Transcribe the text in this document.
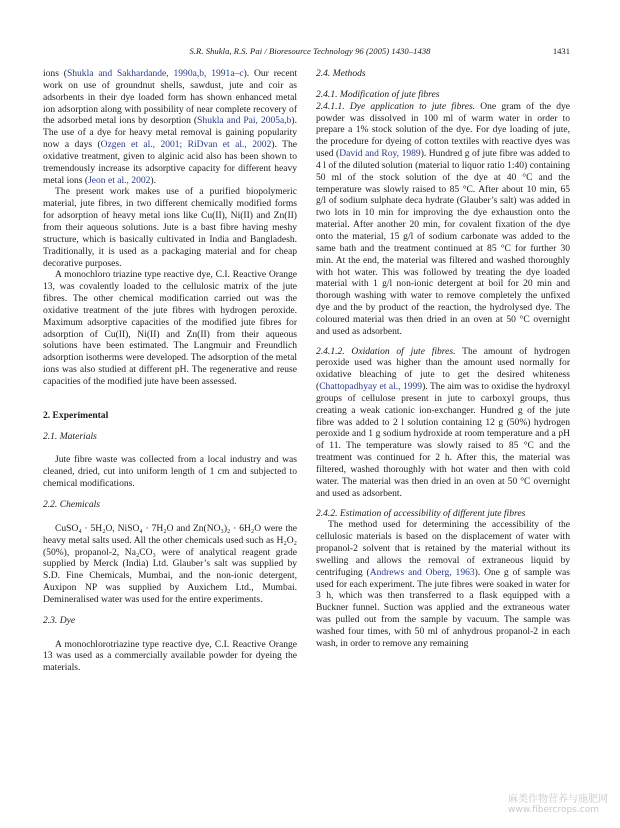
S.R. Shukla, R.S. Pai / Bioresource Technology 96 (2005) 1430–1438	1431

ions (Shukla and Sakhardande, 1990a,b, 1991a–c). Our recent work on use of groundnut shells, sawdust, jute and coir as adsorbents in their dye loaded form has shown enhanced metal ion adsorption along with possibility of near complete recovery of the adsorbed metal ions by desorption (Shukla and Pai, 2005a,b). The use of a dye for heavy metal removal is gaining popularity now a days (Ozgen et al., 2001; RiDvan et al., 2002). The oxidative treatment, given to alginic acid also has been shown to tremendously increase its adsorptive capacity for different heavy metal ions (Jeon et al., 2002).

The present work makes use of a purified biopolymeric material, jute fibres, in two different chemically modified forms for adsorption of heavy metal ions like Cu(II), Ni(II) and Zn(II) from their aqueous solutions. Jute is a bast fibre having meshy structure, which is basically cultivated in India and Bangladesh. Traditionally, it is used as a packaging material and for cheap decorative purposes.

A monochloro triazine type reactive dye, C.I. Reactive Orange 13, was covalently loaded to the cellulosic matrix of the jute fibres. The other chemical modification carried out was the oxidative treatment of the jute fibres with hydrogen peroxide. Maximum adsorptive capacities of the modified jute fibres for adsorption of Cu(II), Ni(II) and Zn(II) from their aqueous solutions have been estimated. The Langmuir and Freundlich adsorption isotherms were developed. The adsorption of the metal ions was also studied at different pH. The regenerative and reuse capacities of the modified jute have been assessed.

2. Experimental
2.1. Materials

Jute fibre waste was collected from a local industry and was cleaned, dried, cut into uniform length of 1 cm and subjected to chemical modifications.

2.2. Chemicals

CuSO₄ · 5H₂O, NiSO₄ · 7H₂O and Zn(NO₃)₂ · 6H₂O were the heavy metal salts used. All the other chemicals used such as H₂O₂ (50%), propanol-2, Na₂CO₃ were of analytical reagent grade supplied by Merck (India) Ltd. Glauber’s salt was supplied by S.D. Fine Chemicals, Mumbai, and the non-ionic detergent, Auxipon NP was supplied by Auxichem Ltd., Mumbai. Demineralised water was used for the entire experiments.

2.3. Dye

A monochlorotriazine type reactive dye, C.I. Reactive Orange 13 was used as a commercially available powder for dyeing the materials.

2.4. Methods
2.4.1. Modification of jute fibres

2.4.1.1. Dye application to jute fibres. One gram of the dye powder was dissolved in 100 ml of warm water in order to prepare a 1% stock solution of the dye. For dye loading of jute, the procedure for dyeing of cotton textiles with reactive dyes was used (David and Roy, 1989). Hundred g of jute fibre was added to 4 l of the diluted solution (material to liquor ratio 1:40) containing 50 ml of the stock solution of the dye at 40 °C and the temperature was slowly raised to 85 °C. After about 10 min, 65 g/l of sodium sulphate deca hydrate (Glauber’s salt) was added in two lots in 10 min for improving the dye exhaustion onto the material. After another 20 min, for covalent fixation of the dye onto the material, 15 g/l of sodium carbonate was added to the same bath and the treatment continued at 85 °C for further 30 min. At the end, the material was filtered and washed thoroughly with hot water. This was followed by treating the dye loaded material with 1 g/l non-ionic detergent at boil for 20 min and thorough washing with water to remove completely the unfixed dye and the by product of the reaction, the hydrolysed dye. The coloured material was then dried in an oven at 50 °C overnight and used as adsorbent.

2.4.1.2. Oxidation of jute fibres. The amount of hydrogen peroxide used was higher than the amount used normally for oxidative bleaching of jute to get the desired whiteness (Chattopadhyay et al., 1999). The aim was to oxidise the hydroxyl groups of cellulose present in jute to carboxyl groups, thus creating a weak cationic ion-exchanger. Hundred g of the jute fibre was added to 2 l solution containing 12 g (50%) hydrogen peroxide and 1 g sodium hydroxide at room temperature and a pH of 11. The temperature was slowly raised to 85 °C and the treatment was continued for 2 h. After this, the material was filtered, washed thoroughly with hot water and then with cold water. The material was then dried in an oven at 50 °C overnight and used as adsorbent.

2.4.2. Estimation of accessibility of different jute fibres

The method used for determining the accessibility of the cellulosic materials is based on the displacement of water with propanol-2 solvent that is retained by the material without its swelling and allows the removal of extraneous liquid by centrifuging (Andrews and Oberg, 1963). One g of sample was used for each experiment. The jute fibres were soaked in water for 3 h, which was then transferred to a flask equipped with a Buckner funnel. Suction was applied and the extraneous water was pulled out from the sample by vacuum. The sample was washed four times, with 50 ml of anhydrous propanol-2 in each wash, in order to remove any remaining

麻类作物营养与施肥网
www.fibercrops.com
